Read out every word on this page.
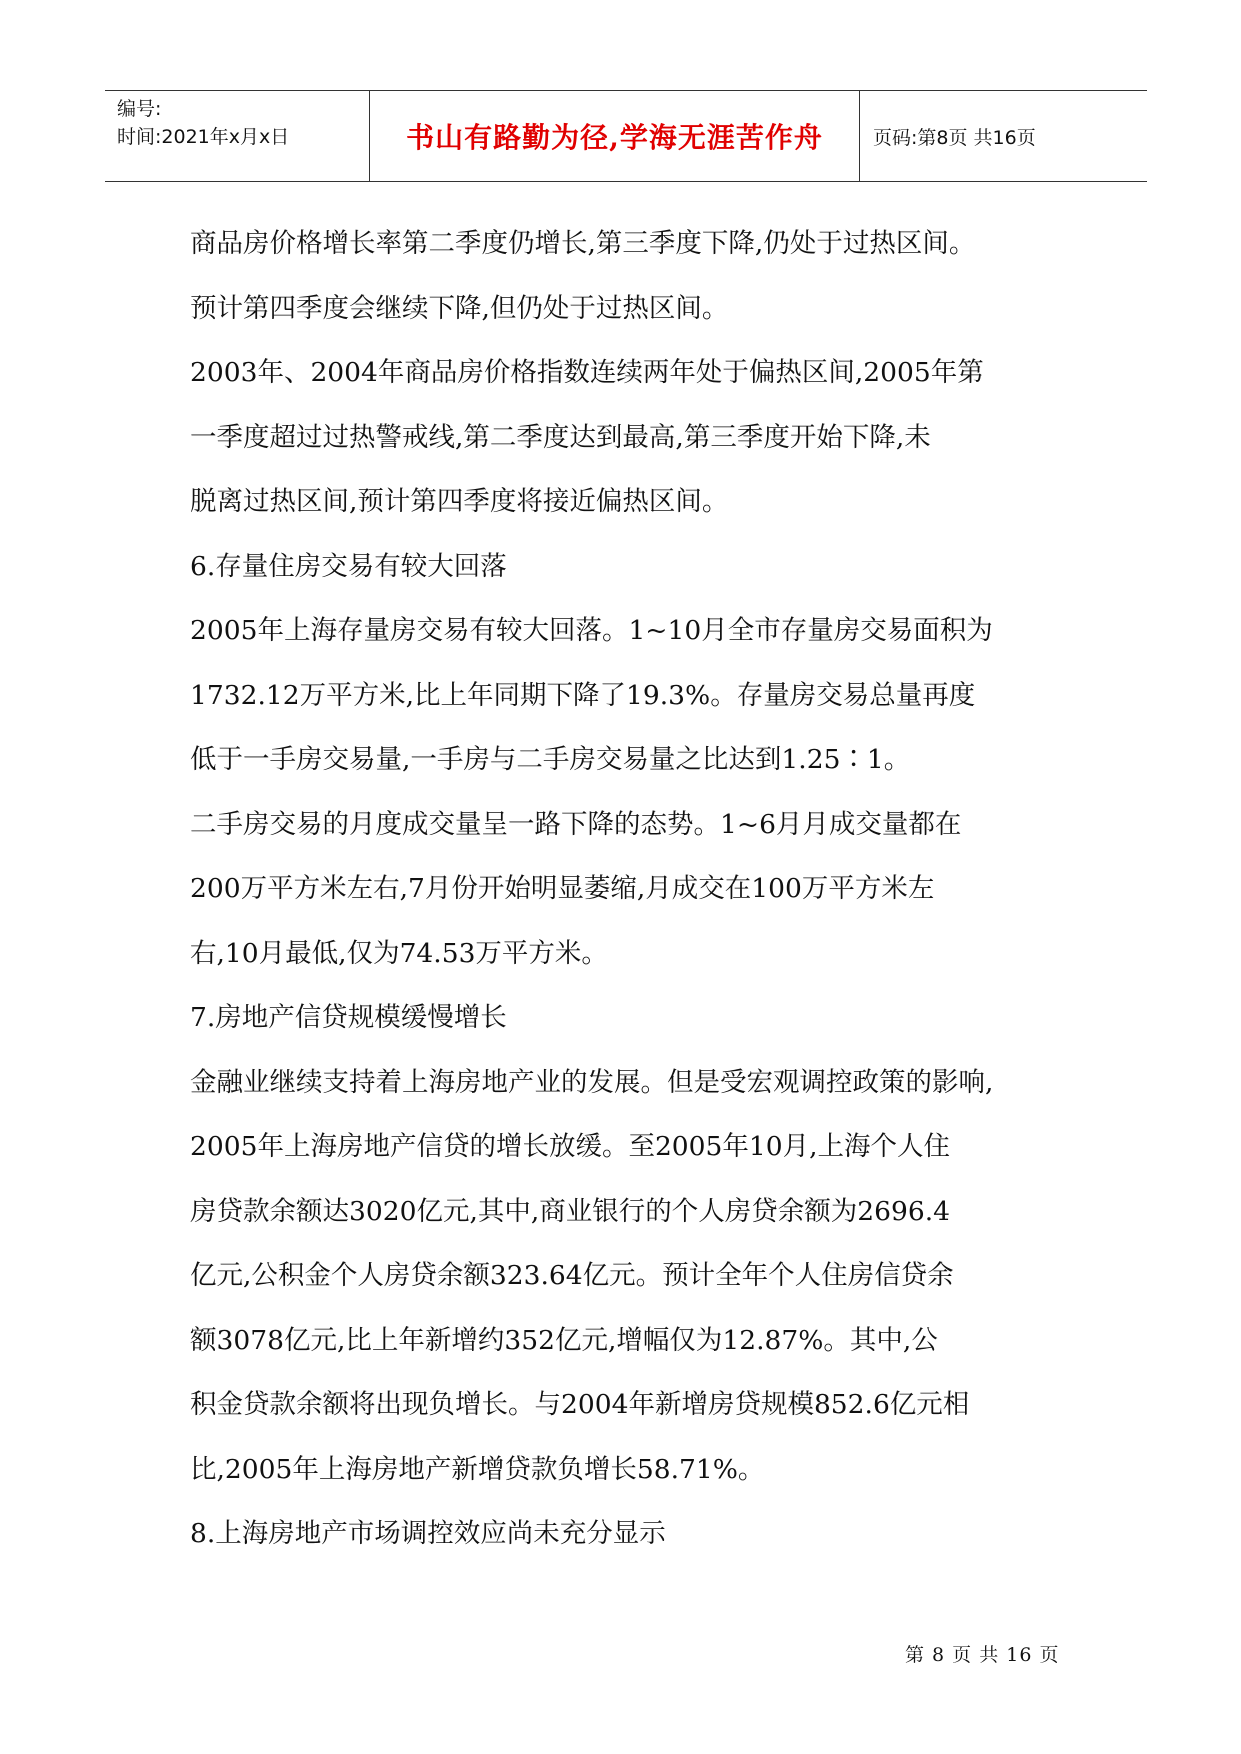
编号:
时间:2021年x月x日	书山有路勤为径,学海无涯苦作舟	页码:第8页 共16页
商品房价格增长率第二季度仍增长,第三季度下降,仍处于过热区间。
预计第四季度会继续下降,但仍处于过热区间。
2003年、2004年商品房价格指数连续两年处于偏热区间,2005年第
一季度超过过热警戒线,第二季度达到最高,第三季度开始下降,未
脱离过热区间,预计第四季度将接近偏热区间。
6.存量住房交易有较大回落
2005年上海存量房交易有较大回落。1~10月全市存量房交易面积为
1732.12万平方米,比上年同期下降了19.3%。存量房交易总量再度
低于一手房交易量,一手房与二手房交易量之比达到1.25∶1。
二手房交易的月度成交量呈一路下降的态势。1~6月月成交量都在
200万平方米左右,7月份开始明显萎缩,月成交在100万平方米左
右,10月最低,仅为74.53万平方米。
7.房地产信贷规模缓慢增长
金融业继续支持着上海房地产业的发展。但是受宏观调控政策的影响,
2005年上海房地产信贷的增长放缓。至2005年10月,上海个人住
房贷款余额达3020亿元,其中,商业银行的个人房贷余额为2696.4
亿元,公积金个人房贷余额323.64亿元。预计全年个人住房信贷余
额3078亿元,比上年新增约352亿元,增幅仅为12.87%。其中,公
积金贷款余额将出现负增长。与2004年新增房贷规模852.6亿元相
比,2005年上海房地产新增贷款负增长58.71%。
8.上海房地产市场调控效应尚未充分显示
第 8 页 共 16 页
